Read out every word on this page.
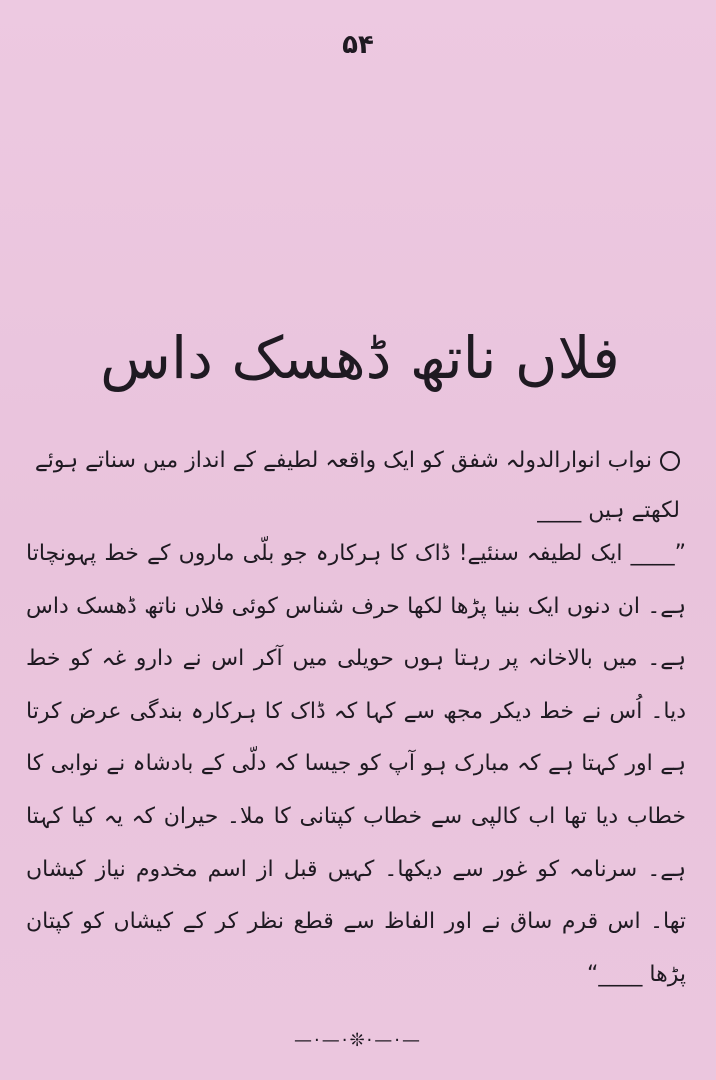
۵۴
فلاں ناتھ ڈھسک داس
نواب انوارالدولہ شفق کو ایک واقعہ لطیفے کے انداز میں سناتے ہوئے لکھتے ہیں ____
”____ ایک لطیفہ سنئیے! ڈاک کا ہرکارہ جو بلّی ماروں کے خط پہونچاتا ہے۔ ان دنوں ایک بنیا پڑھا لکھا حرف شناس کوئی فلاں ناتھ ڈھسک داس ہے۔ میں بالاخانہ پر رہتا ہوں حویلی میں آکر اس نے دارو غہ کو خط دیا۔ اُس نے خط دیکر مجھ سے کہا کہ ڈاک کا ہرکارہ بندگی عرض کرتا ہے اور کہتا ہے کہ مبارک ہو آپ کو جیسا کہ دلّی کے بادشاہ نے نوابی کا خطاب دیا تھا اب کالپی سے خطاب کپتانی کا ملا۔ حیران کہ یہ کیا کہتا ہے۔ سرنامہ کو غور سے دیکھا۔ کہیں قبل از اسم مخدوم نیاز کیشاں تھا۔ اس قرم ساق نے اور الفاظ سے قطع نظر کر کے کیشاں کو کپتان پڑھا ____“
—·—·❊·—·—
